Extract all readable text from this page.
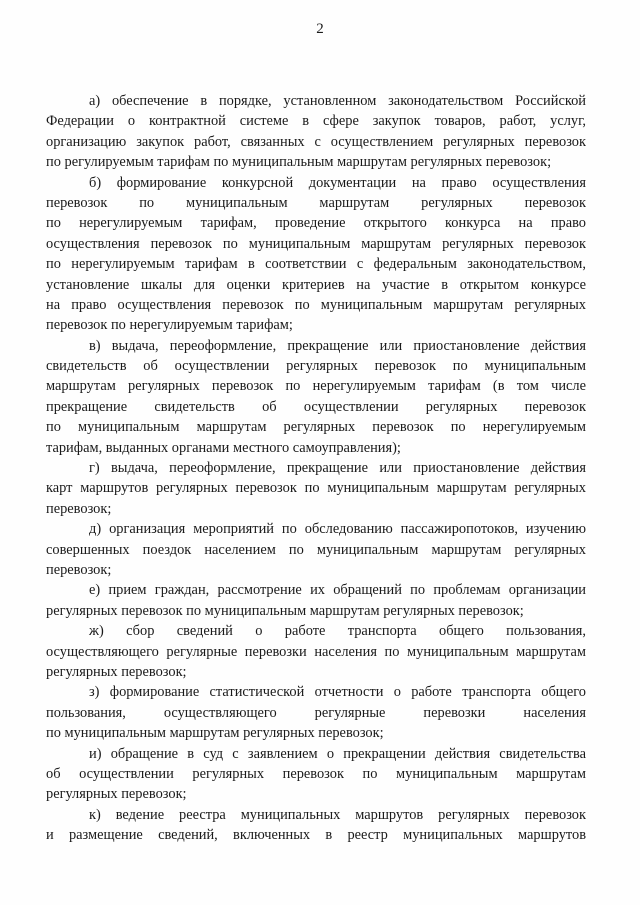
2
а) обеспечение в порядке, установленном законодательством Российской
Федерации о контрактной системе в сфере закупок товаров, работ, услуг,
организацию закупок работ, связанных с осуществлением регулярных перевозок
по регулируемым тарифам по муниципальным маршрутам регулярных перевозок;
б) формирование конкурсной документации на право осуществления
перевозок по муниципальным маршрутам регулярных перевозок
по нерегулируемым тарифам, проведение открытого конкурса на право
осуществления перевозок по муниципальным маршрутам регулярных перевозок
по нерегулируемым тарифам в соответствии с федеральным законодательством,
установление шкалы для оценки критериев на участие в открытом конкурсе
на право осуществления перевозок по муниципальным маршрутам регулярных
перевозок по нерегулируемым тарифам;
в) выдача, переоформление, прекращение или приостановление действия
свидетельств об осуществлении регулярных перевозок по муниципальным
маршрутам регулярных перевозок по нерегулируемым тарифам (в том числе
прекращение свидетельств об осуществлении регулярных перевозок
по муниципальным маршрутам регулярных перевозок по нерегулируемым
тарифам, выданных органами местного самоуправления);
г) выдача, переоформление, прекращение или приостановление действия
карт маршрутов регулярных перевозок по муниципальным маршрутам регулярных
перевозок;
д) организация мероприятий по обследованию пассажиропотоков, изучению
совершенных поездок населением по муниципальным маршрутам регулярных
перевозок;
е) прием граждан, рассмотрение их обращений по проблемам организации
регулярных перевозок по муниципальным маршрутам регулярных перевозок;
ж) сбор сведений о работе транспорта общего пользования,
осуществляющего регулярные перевозки населения по муниципальным маршрутам
регулярных перевозок;
з) формирование статистической отчетности о работе транспорта общего
пользования, осуществляющего регулярные перевозки населения
по муниципальным маршрутам регулярных перевозок;
и) обращение в суд с заявлением о прекращении действия свидетельства
об осуществлении регулярных перевозок по муниципальным маршрутам
регулярных перевозок;
к) ведение реестра муниципальных маршрутов регулярных перевозок
и размещение сведений, включенных в реестр муниципальных маршрутов
